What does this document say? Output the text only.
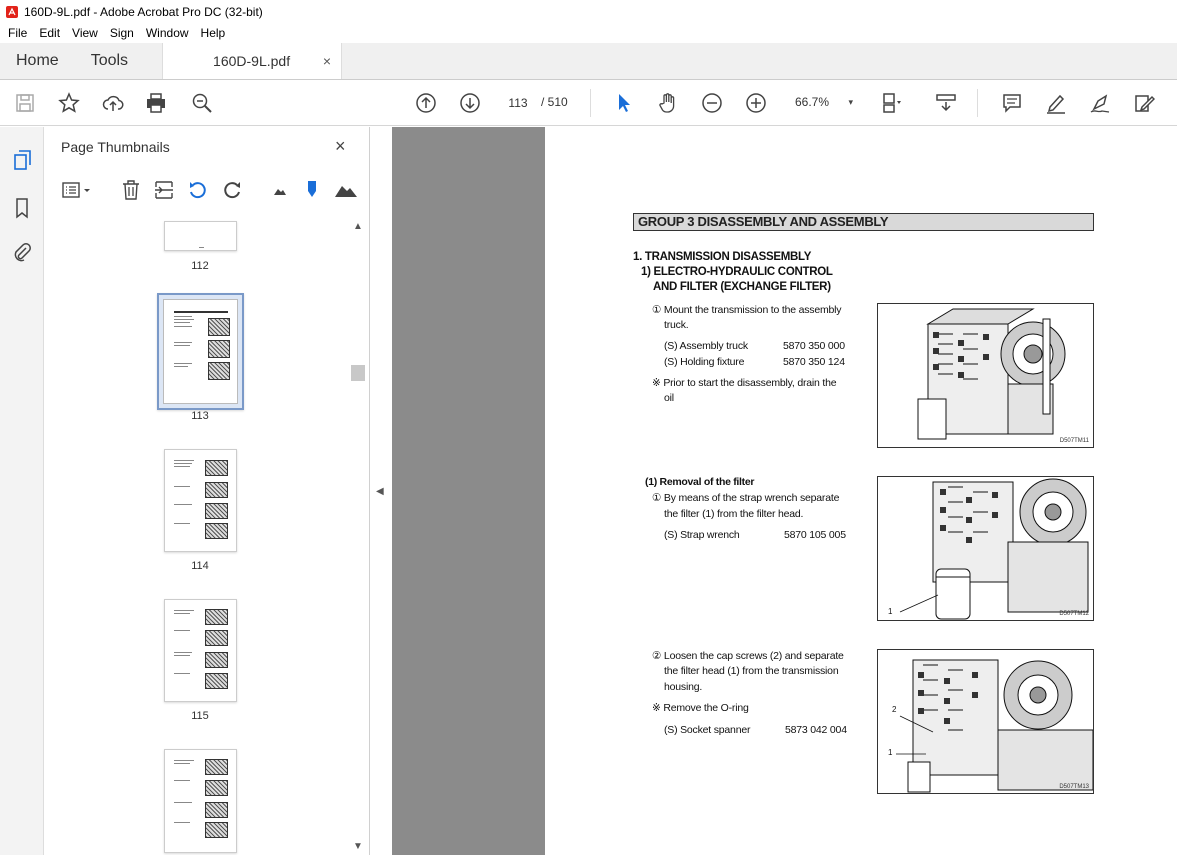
160D-9L.pdf - Adobe Acrobat Pro DC (32-bit)
File	Edit	View	Sign	Window	Help
Home	Tools	160D-9L.pdf ×
113	/ 510	66.7% ▾
Page Thumbnails	×
112
113
114
115
▲
▼
◀
GROUP 3 DISASSEMBLY AND ASSEMBLY
1. TRANSMISSION DISASSEMBLY
1) ELECTRO-HYDRAULIC CONTROL
AND FILTER (EXCHANGE FILTER)
① Mount the transmission to the assembly
truck.
(S) Assembly truck	5870 350 000
(S) Holding fixture	5870 350 124
※ Prior to start the disassembly, drain the
oil
(1) Removal of the filter
① By means of the strap wrench separate
the filter (1) from the filter head.
(S) Strap wrench	5870 105 005
② Loosen the cap screws (2) and separate
the filter head (1) from the transmission
housing.
※ Remove the O-ring
(S) Socket spanner	5873 042 004
D507TM11
1	D507TM12
2
1
D507TM13
